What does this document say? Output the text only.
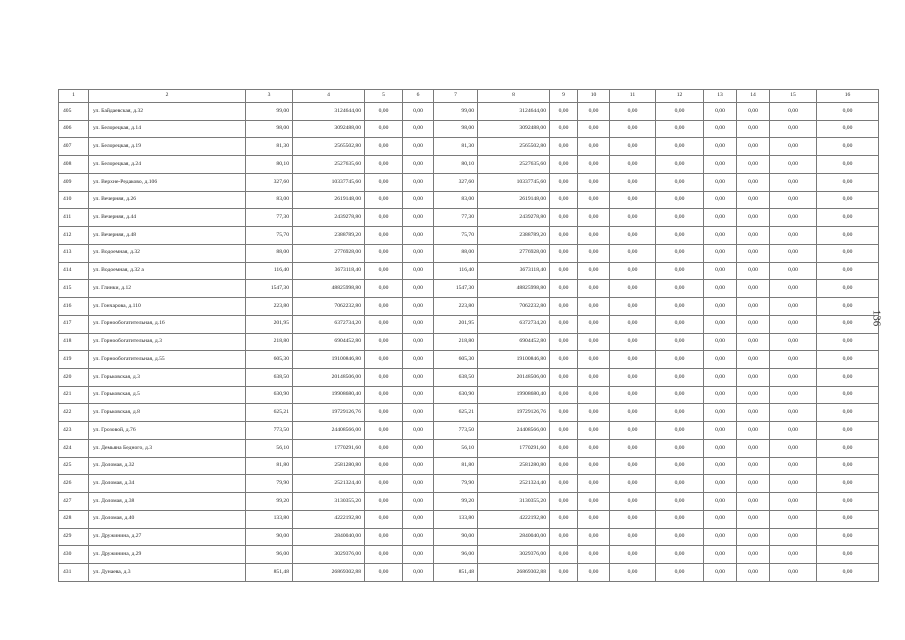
1	2	3	4	5	6	7	8	9	10	11	12	13	14	15	16
405	ул. Байдаевская, д.32	99,00	3124644,00	0,00	0,00	99,00	3124644,00	0,00	0,00	0,00	0,00	0,00	0,00	0,00	0,00
406	ул. Белорецкая, д.14	98,00	3092488,00	0,00	0,00	98,00	3092488,00	0,00	0,00	0,00	0,00	0,00	0,00	0,00	0,00
407	ул. Белорецкая, д.19	81,30	2565502,80	0,00	0,00	81,30	2565502,80	0,00	0,00	0,00	0,00	0,00	0,00	0,00	0,00
408	ул. Белорецкая, д.24	80,10	2527635,60	0,00	0,00	80,10	2527635,60	0,00	0,00	0,00	0,00	0,00	0,00	0,00	0,00
409	ул. Верхне-Редаково, д.106	327,60	10337745,60	0,00	0,00	327,60	10337745,60	0,00	0,00	0,00	0,00	0,00	0,00	0,00	0,00
410	ул. Вечерняя, д.26	83,00	2619148,00	0,00	0,00	83,00	2619148,00	0,00	0,00	0,00	0,00	0,00	0,00	0,00	0,00
411	ул. Вечерняя, д.44	77,30	2439278,80	0,00	0,00	77,30	2439278,80	0,00	0,00	0,00	0,00	0,00	0,00	0,00	0,00
412	ул. Вечерняя, д.48	75,70	2388789,20	0,00	0,00	75,70	2388789,20	0,00	0,00	0,00	0,00	0,00	0,00	0,00	0,00
413	ул. Водоемная, д.32	88,00	2776928,00	0,00	0,00	88,00	2776928,00	0,00	0,00	0,00	0,00	0,00	0,00	0,00	0,00
414	ул. Водоемная, д.32 а	116,40	3673118,40	0,00	0,00	116,40	3673118,40	0,00	0,00	0,00	0,00	0,00	0,00	0,00	0,00
415	ул. Глинки, д.12	1547,30	48825998,80	0,00	0,00	1547,30	48825998,80	0,00	0,00	0,00	0,00	0,00	0,00	0,00	0,00
416	ул. Гончарова, д.110	223,80	7062232,80	0,00	0,00	223,80	7062232,80	0,00	0,00	0,00	0,00	0,00	0,00	0,00	0,00
417	ул. Горнообогатительная, д.16	201,95	6372734,20	0,00	0,00	201,95	6372734,20	0,00	0,00	0,00	0,00	0,00	0,00	0,00	0,00
418	ул. Горнообогатительная, д.3	218,80	6904452,80	0,00	0,00	218,80	6904452,80	0,00	0,00	0,00	0,00	0,00	0,00	0,00	0,00
419	ул. Горнообогатительная, д.55	605,30	19100846,80	0,00	0,00	605,30	19100846,80	0,00	0,00	0,00	0,00	0,00	0,00	0,00	0,00
420	ул. Горьковская, д.3	638,50	20148506,00	0,00	0,00	638,50	20148506,00	0,00	0,00	0,00	0,00	0,00	0,00	0,00	0,00
421	ул. Горьковская, д.5	630,90	19908680,40	0,00	0,00	630,90	19908680,40	0,00	0,00	0,00	0,00	0,00	0,00	0,00	0,00
422	ул. Горьковская, д.8	625,21	19729126,76	0,00	0,00	625,21	19729126,76	0,00	0,00	0,00	0,00	0,00	0,00	0,00	0,00
423	ул. Грозовой, д.76	773,50	24408566,00	0,00	0,00	773,50	24408566,00	0,00	0,00	0,00	0,00	0,00	0,00	0,00	0,00
424	ул. Демьяна Бедного, д.3	56,10	1770291,60	0,00	0,00	56,10	1770291,60	0,00	0,00	0,00	0,00	0,00	0,00	0,00	0,00
425	ул. Доломая, д.32	81,80	2581280,80	0,00	0,00	81,80	2581280,80	0,00	0,00	0,00	0,00	0,00	0,00	0,00	0,00
426	ул. Доломая, д.34	79,90	2521324,40	0,00	0,00	79,90	2521324,40	0,00	0,00	0,00	0,00	0,00	0,00	0,00	0,00
427	ул. Доломая, д.38	99,20	3130355,20	0,00	0,00	99,20	3130355,20	0,00	0,00	0,00	0,00	0,00	0,00	0,00	0,00
428	ул. Доломая, д.40	133,80	4222192,80	0,00	0,00	133,80	4222192,80	0,00	0,00	0,00	0,00	0,00	0,00	0,00	0,00
429	ул. Дружинина, д.27	90,00	2840040,00	0,00	0,00	90,00	2840040,00	0,00	0,00	0,00	0,00	0,00	0,00	0,00	0,00
430	ул. Дружинина, д.29	96,00	3029376,00	0,00	0,00	96,00	3029376,00	0,00	0,00	0,00	0,00	0,00	0,00	0,00	0,00
431	ул. Дунаева, д.3	851,48	26869302,88	0,00	0,00	851,48	26869302,88	0,00	0,00	0,00	0,00	0,00	0,00	0,00	0,00
136
